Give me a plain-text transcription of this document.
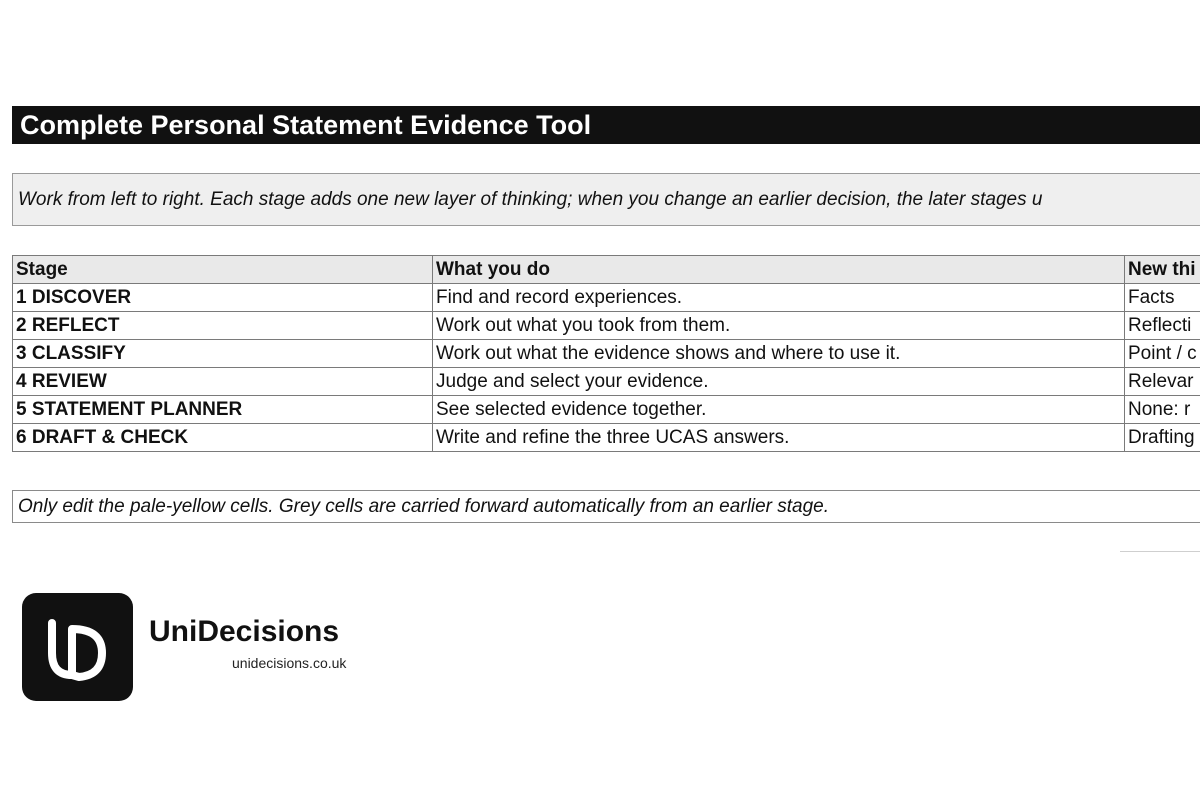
Complete Personal Statement Evidence Tool
Work from left to right. Each stage adds one new layer of thinking; when you change an earlier decision, the later stages u
Stage	What you do	New thi
1 DISCOVER	Find and record experiences.	Facts
2 REFLECT	Work out what you took from them.	Reflecti
3 CLASSIFY	Work out what the evidence shows and where to use it.	Point / c
4 REVIEW	Judge and select your evidence.	Relevar
5 STATEMENT PLANNER	See selected evidence together.	None: r
6 DRAFT & CHECK	Write and refine the three UCAS answers.	Drafting
Only edit the pale-yellow cells. Grey cells are carried forward automatically from an earlier stage.
UniDecisions
unidecisions.co.uk
